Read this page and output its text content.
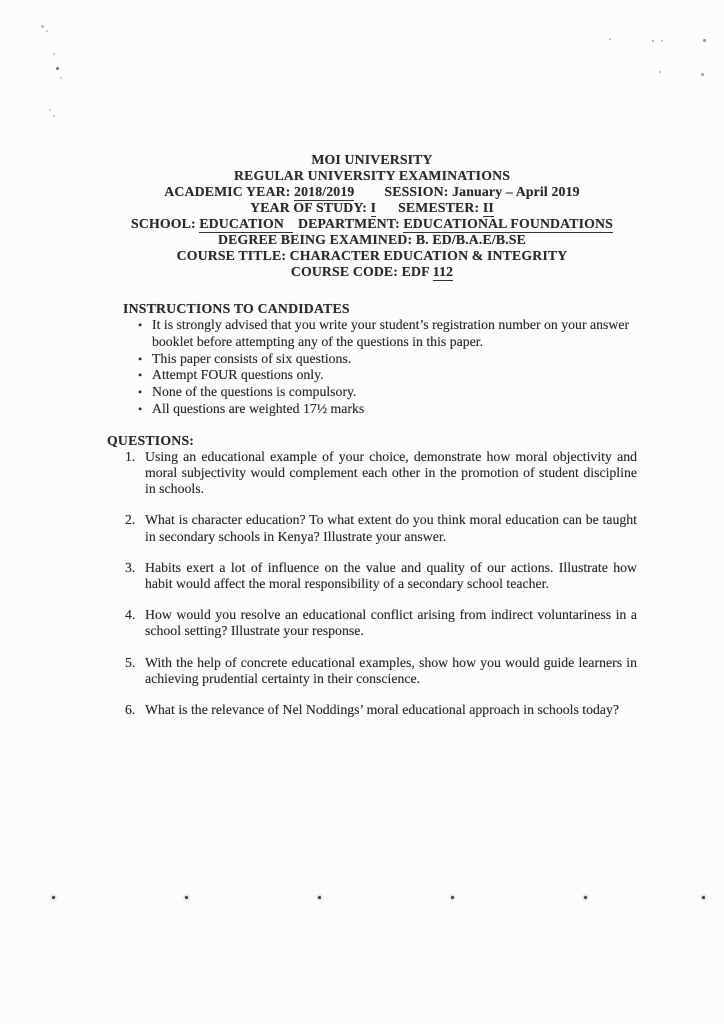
MOI UNIVERSITY
REGULAR UNIVERSITY EXAMINATIONS
ACADEMIC YEAR: 2018/2019 SESSION: January – April 2019
YEAR OF STUDY: I SEMESTER: II
SCHOOL: EDUCATION DEPARTMENT: EDUCATIONAL FOUNDATIONS
DEGREE BEING EXAMINED: B. ED/B.A.E/B.SE
COURSE TITLE: CHARACTER EDUCATION & INTEGRITY
COURSE CODE: EDF 112
INSTRUCTIONS TO CANDIDATES
• It is strongly advised that you write your student’s registration number on your answer booklet before attempting any of the questions in this paper.
• This paper consists of six questions.
• Attempt FOUR questions only.
• None of the questions is compulsory.
• All questions are weighted 17½ marks
QUESTIONS:
1. Using an educational example of your choice, demonstrate how moral objectivity and moral subjectivity would complement each other in the promotion of student discipline in schools.
2. What is character education? To what extent do you think moral education can be taught in secondary schools in Kenya? Illustrate your answer.
3. Habits exert a lot of influence on the value and quality of our actions. Illustrate how habit would affect the moral responsibility of a secondary school teacher.
4. How would you resolve an educational conflict arising from indirect voluntariness in a school setting? Illustrate your response.
5. With the help of concrete educational examples, show how you would guide learners in achieving prudential certainty in their conscience.
6. What is the relevance of Nel Noddings’ moral educational approach in schools today?
